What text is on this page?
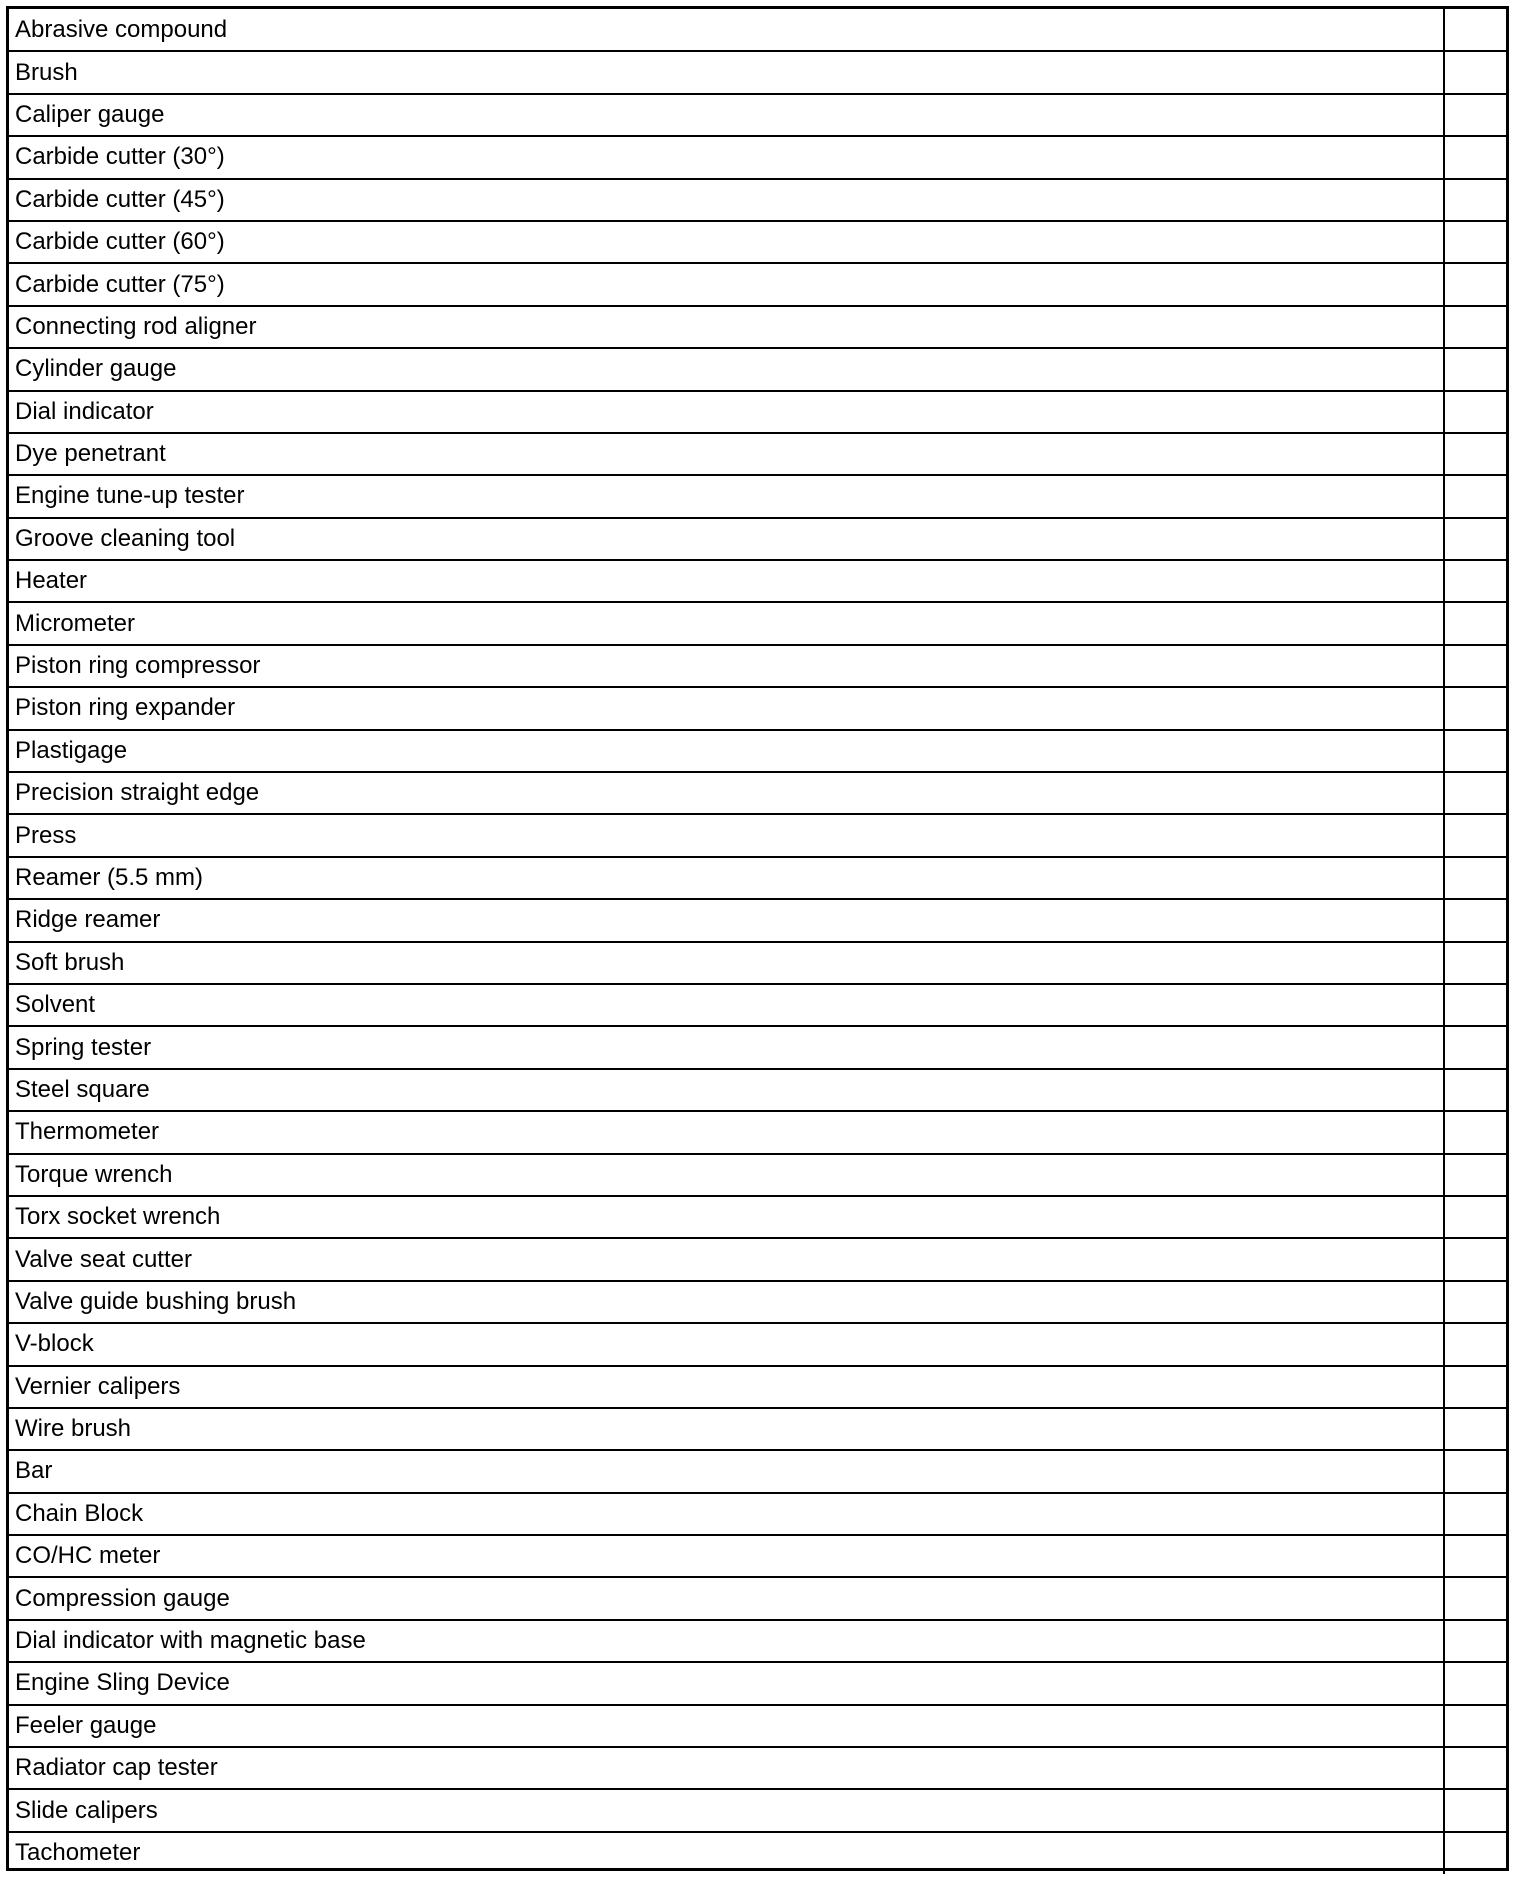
Abrasive compound	
Brush	
Caliper gauge	
Carbide cutter (30°)	
Carbide cutter (45°)	
Carbide cutter (60°)	
Carbide cutter (75°)	
Connecting rod aligner	
Cylinder gauge	
Dial indicator	
Dye penetrant	
Engine tune-up tester	
Groove cleaning tool	
Heater	
Micrometer	
Piston ring compressor	
Piston ring expander	
Plastigage	
Precision straight edge	
Press	
Reamer (5.5 mm)	
Ridge reamer	
Soft brush	
Solvent	
Spring tester	
Steel square	
Thermometer	
Torque wrench	
Torx socket wrench	
Valve seat cutter	
Valve guide bushing brush	
V-block	
Vernier calipers	
Wire brush	
Bar	
Chain Block	
CO/HC meter	
Compression gauge	
Dial indicator with magnetic base	
Engine Sling Device	
Feeler gauge	
Radiator cap tester	
Slide calipers	
Tachometer	
